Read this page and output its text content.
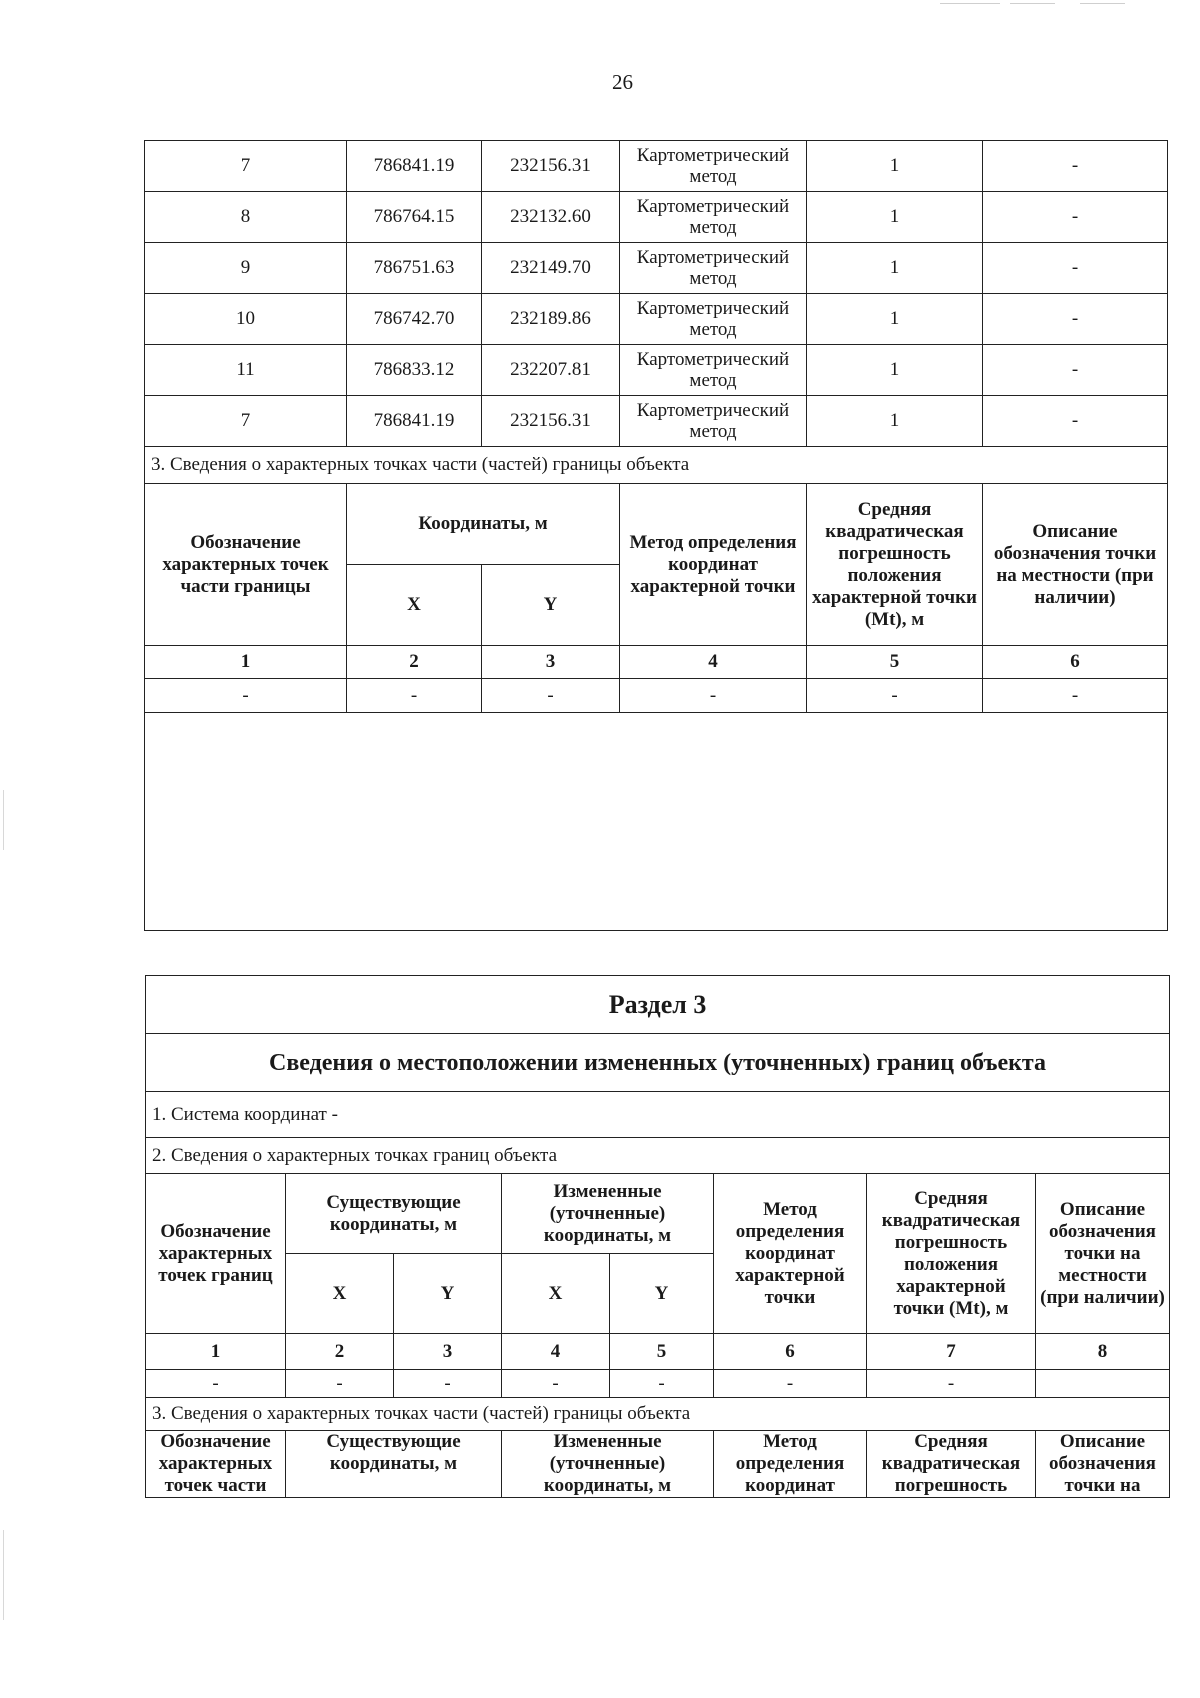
26
7	786841.19	232156.31	Картометрический метод	1	-
8	786764.15	232132.60	Картометрический метод	1	-
9	786751.63	232149.70	Картометрический метод	1	-
10	786742.70	232189.86	Картометрический метод	1	-
11	786833.12	232207.81	Картометрический метод	1	-
7	786841.19	232156.31	Картометрический метод	1	-
3. Сведения о характерных точках части (частей) границы объекта					
Обозначение характерных точек части границы	Координаты, м		Метод определения координат характерной точки	Средняя квадратическая погрешность положения характерной точки (Mt), м	Описание обозначения точки на местности (при наличии)
	X	Y			
1	2	3	4	5	6
-	-	-	-	-	-

Раздел 3							
Сведения о местоположении измененных (уточненных) границ объекта							
1. Система координат -							
2. Сведения о характерных точках границ объекта							
Обозначение характерных точек границ	Существующие координаты, м		Измененные (уточненные) координаты, м		Метод определения координат характерной точки	Средняя квадратическая погрешность положения характерной точки (Mt), м	Описание обозначения точки на местности (при наличии)
	X	Y	X	Y			
1	2	3	4	5	6	7	8
-	-	-	-	-	-	-	
3. Сведения о характерных точках части (частей) границы объекта							
Обозначение характерных точек части	Существующие координаты, м		Измененные (уточненные) координаты, м		Метод определения координат	Средняя квадратическая погрешность	Описание обозначения точки на
